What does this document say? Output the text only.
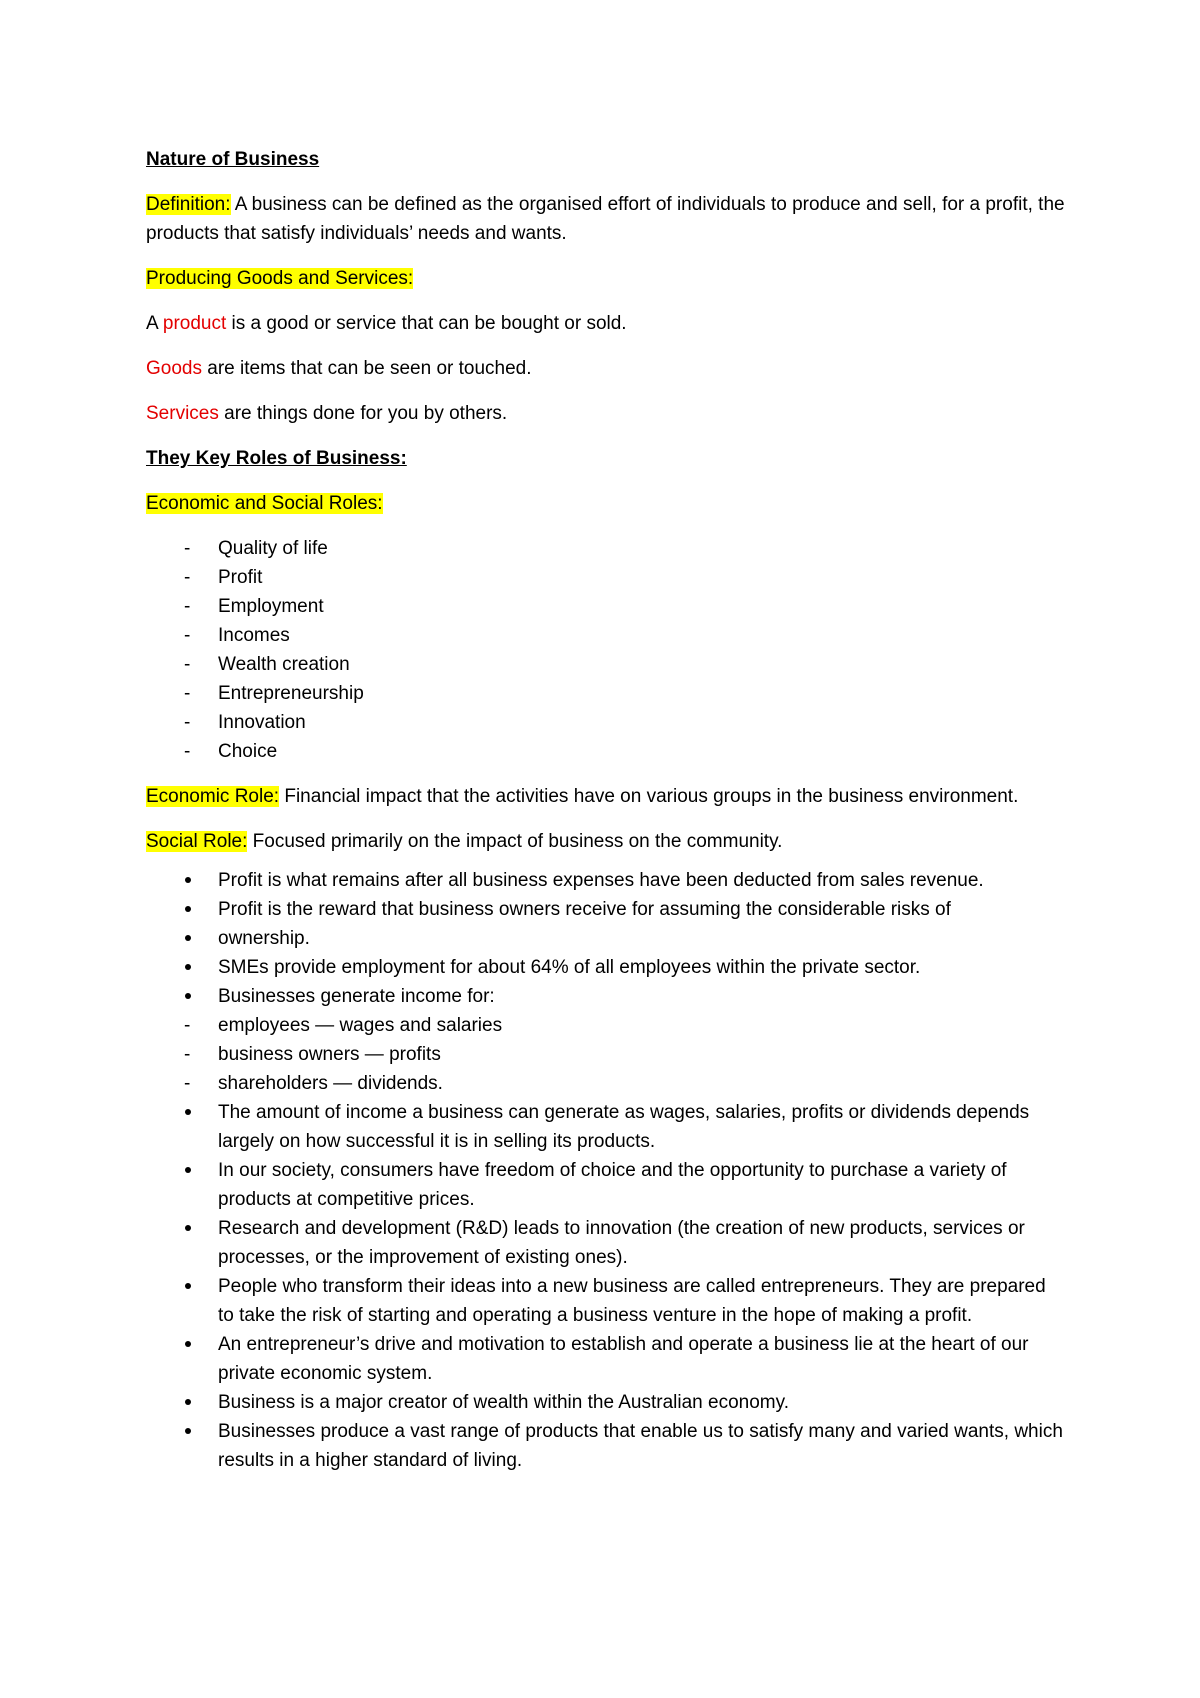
Nature of Business

Definition: A business can be defined as the organised effort of individuals to produce and sell, for a profit, the products that satisfy individuals’ needs and wants.

Producing Goods and Services:

A product is a good or service that can be bought or sold.

Goods are items that can be seen or touched.

Services are things done for you by others.

They Key Roles of Business:

Economic and Social Roles:

- Quality of life
- Profit
- Employment
- Incomes
- Wealth creation
- Entrepreneurship
- Innovation
- Choice

Economic Role: Financial impact that the activities have on various groups in the business environment.

Social Role: Focused primarily on the impact of business on the community.

Profit is what remains after all business expenses have been deducted from sales revenue.
Profit is the reward that business owners receive for assuming the considerable risks of
ownership.
SMEs provide employment for about 64% of all employees within the private sector.
Businesses generate income for:
- employees — wages and salaries
- business owners — profits
- shareholders — dividends.
The amount of income a business can generate as wages, salaries, profits or dividends depends largely on how successful it is in selling its products.
In our society, consumers have freedom of choice and the opportunity to purchase a variety of products at competitive prices.
Research and development (R&D) leads to innovation (the creation of new products, services or processes, or the improvement of existing ones).
People who transform their ideas into a new business are called entrepreneurs. They are prepared to take the risk of starting and operating a business venture in the hope of making a profit.
An entrepreneur’s drive and motivation to establish and operate a business lie at the heart of our private economic system.
Business is a major creator of wealth within the Australian economy.
Businesses produce a vast range of products that enable us to satisfy many and varied wants, which results in a higher standard of living.
